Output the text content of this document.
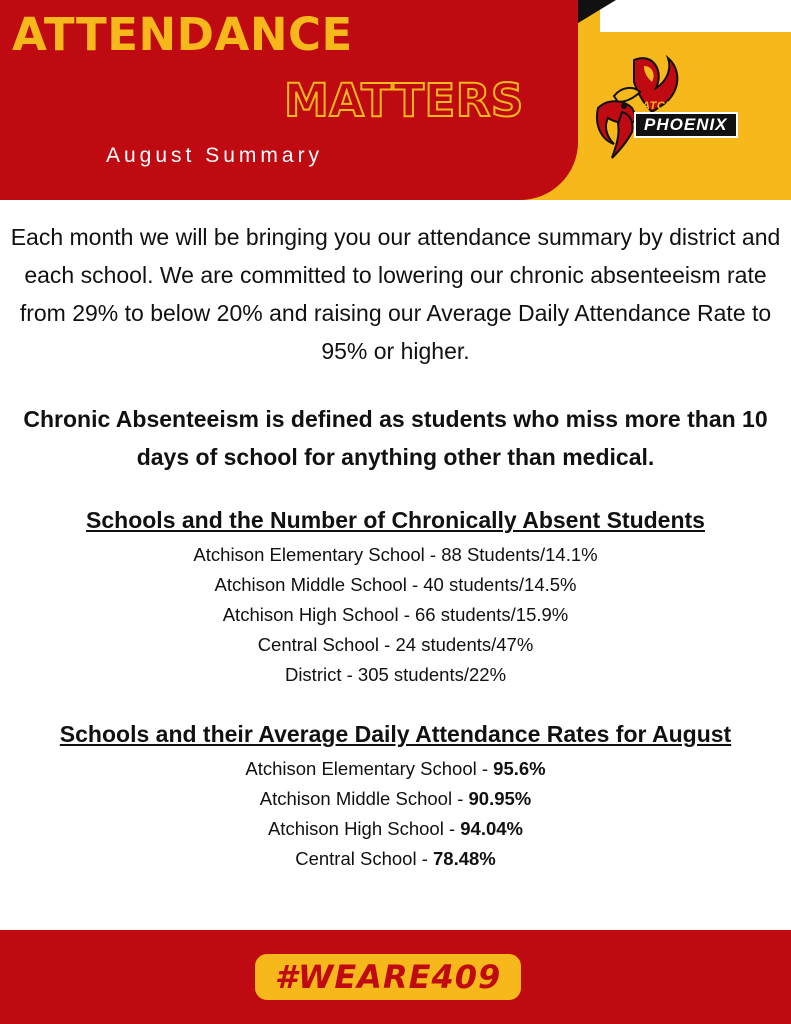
ATTENDANCE
MATTERS
August Summary
ATCHISON
PHOENIX

Each month we will be bringing you our attendance summary by district and each school. We are committed to lowering our chronic absenteeism rate from 29% to below 20% and raising our Average Daily Attendance Rate to 95% or higher.

Chronic Absenteeism is defined as students who miss more than 10 days of school for anything other than medical.

Schools and the Number of Chronically Absent Students
Atchison Elementary School - 88 Students/14.1%
Atchison Middle School - 40 students/14.5%
Atchison High School - 66 students/15.9%
Central School - 24 students/47%
District - 305 students/22%
Schools and their Average Daily Attendance Rates for August
Atchison Elementary School - 95.6%
Atchison Middle School - 90.95%
Atchison High School - 94.04%
Central School - 78.48%
#WEARE409
